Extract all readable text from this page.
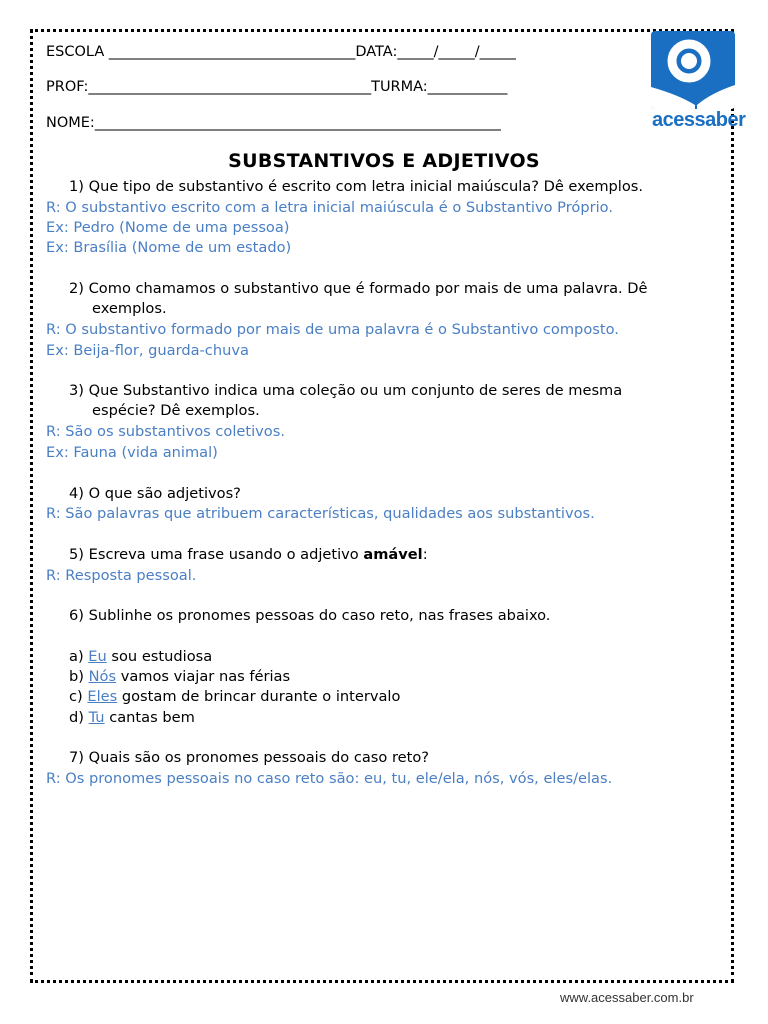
ESCOLA __________________________________DATA:_____/_____/_____
PROF:_______________________________________TURMA:___________
NOME:________________________________________________________	acessaber
SUBSTANTIVOS E ADJETIVOS
1) Que tipo de substantivo é escrito com letra inicial maiúscula? Dê exemplos.
R: O substantivo escrito com a letra inicial maiúscula é o Substantivo Próprio.
Ex: Pedro (Nome de uma pessoa)
Ex: Brasília (Nome de um estado)
2) Como chamamos o substantivo que é formado por mais de uma palavra. Dê
exemplos.
R: O substantivo formado por mais de uma palavra é o Substantivo composto.
Ex: Beija-flor, guarda-chuva
3) Que Substantivo indica uma coleção ou um conjunto de seres de mesma
espécie? Dê exemplos.
R: São os substantivos coletivos.
Ex: Fauna (vida animal)
4) O que são adjetivos?
R: São palavras que atribuem características, qualidades aos substantivos.
5) Escreva uma frase usando o adjetivo amável:
R: Resposta pessoal.
6) Sublinhe os pronomes pessoas do caso reto, nas frases abaixo.
a) Eu sou estudiosa
b) Nós vamos viajar nas férias
c) Eles gostam de brincar durante o intervalo
d) Tu cantas bem
7) Quais são os pronomes pessoais do caso reto?
R: Os pronomes pessoais no caso reto são: eu, tu, ele/ela, nós, vós, eles/elas.
www.acessaber.com.br
